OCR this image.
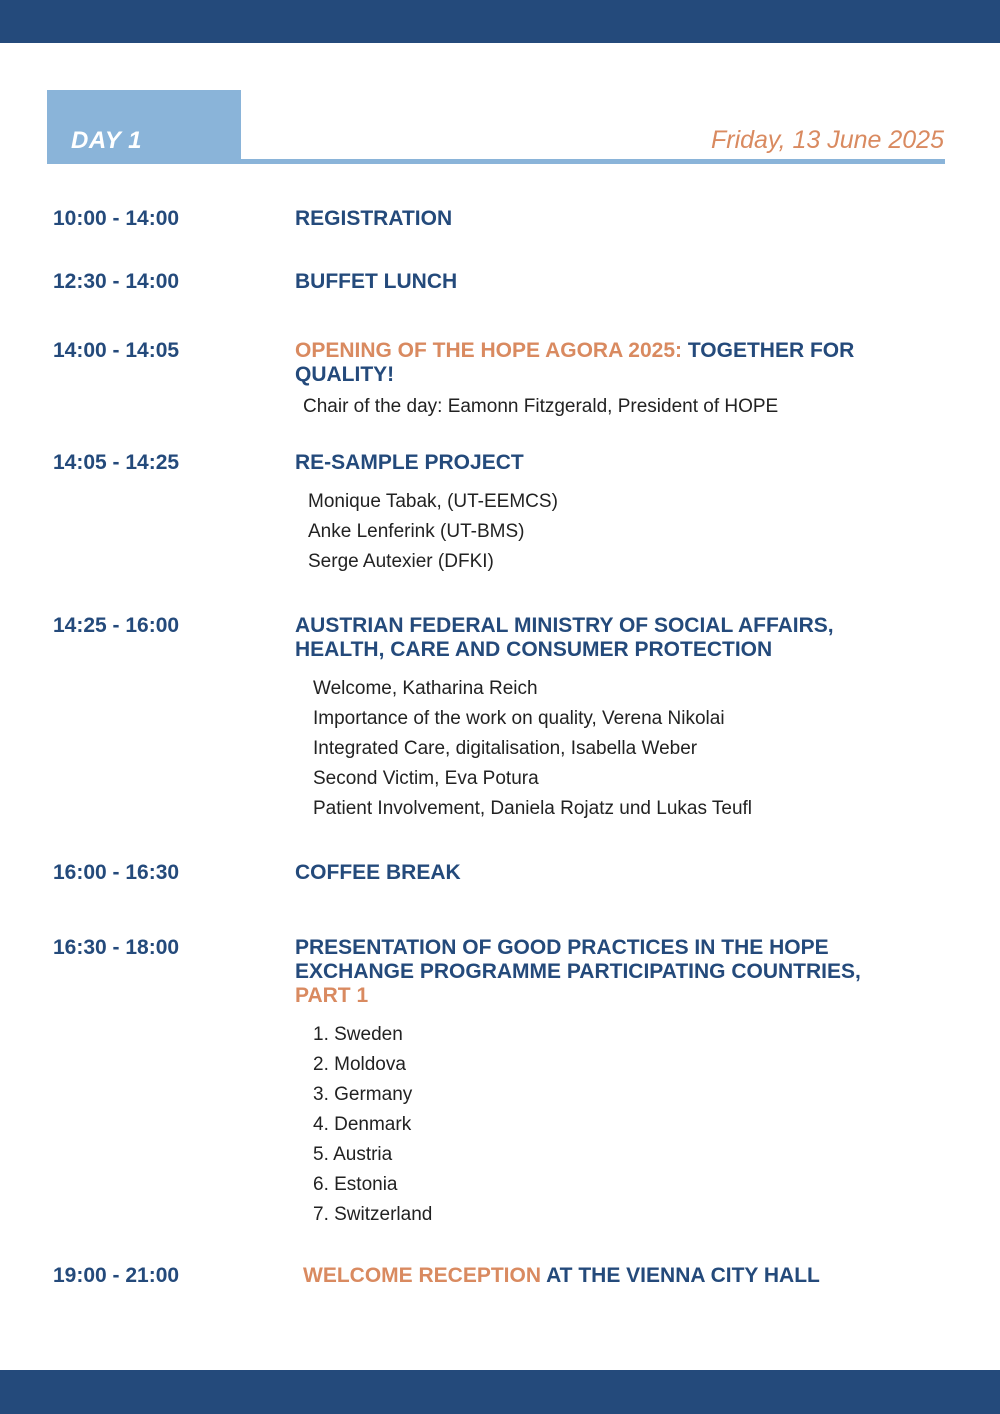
DAY 1	Friday, 13 June 2025
10:00 - 14:00	REGISTRATION
12:30 - 14:00	BUFFET LUNCH
14:00 - 14:05	OPENING OF THE HOPE AGORA 2025: TOGETHER FOR QUALITY!
Chair of the day: Eamonn Fitzgerald, President of HOPE
14:05 - 14:25	RE-SAMPLE PROJECT
Monique Tabak, (UT-EEMCS)
Anke Lenferink (UT-BMS)
Serge Autexier (DFKI)
14:25 - 16:00	AUSTRIAN FEDERAL MINISTRY OF SOCIAL AFFAIRS, HEALTH, CARE AND CONSUMER PROTECTION
Welcome, Katharina Reich
Importance of the work on quality, Verena Nikolai
Integrated Care, digitalisation, Isabella Weber
Second Victim, Eva Potura
Patient Involvement, Daniela Rojatz und Lukas Teufl
16:00 - 16:30	COFFEE BREAK
16:30 - 18:00	PRESENTATION OF GOOD PRACTICES IN THE HOPE EXCHANGE PROGRAMME PARTICIPATING COUNTRIES,
PART 1
1. Sweden
2. Moldova
3. Germany
4. Denmark
5. Austria
6. Estonia
7. Switzerland
19:00 - 21:00	WELCOME RECEPTION AT THE VIENNA CITY HALL
